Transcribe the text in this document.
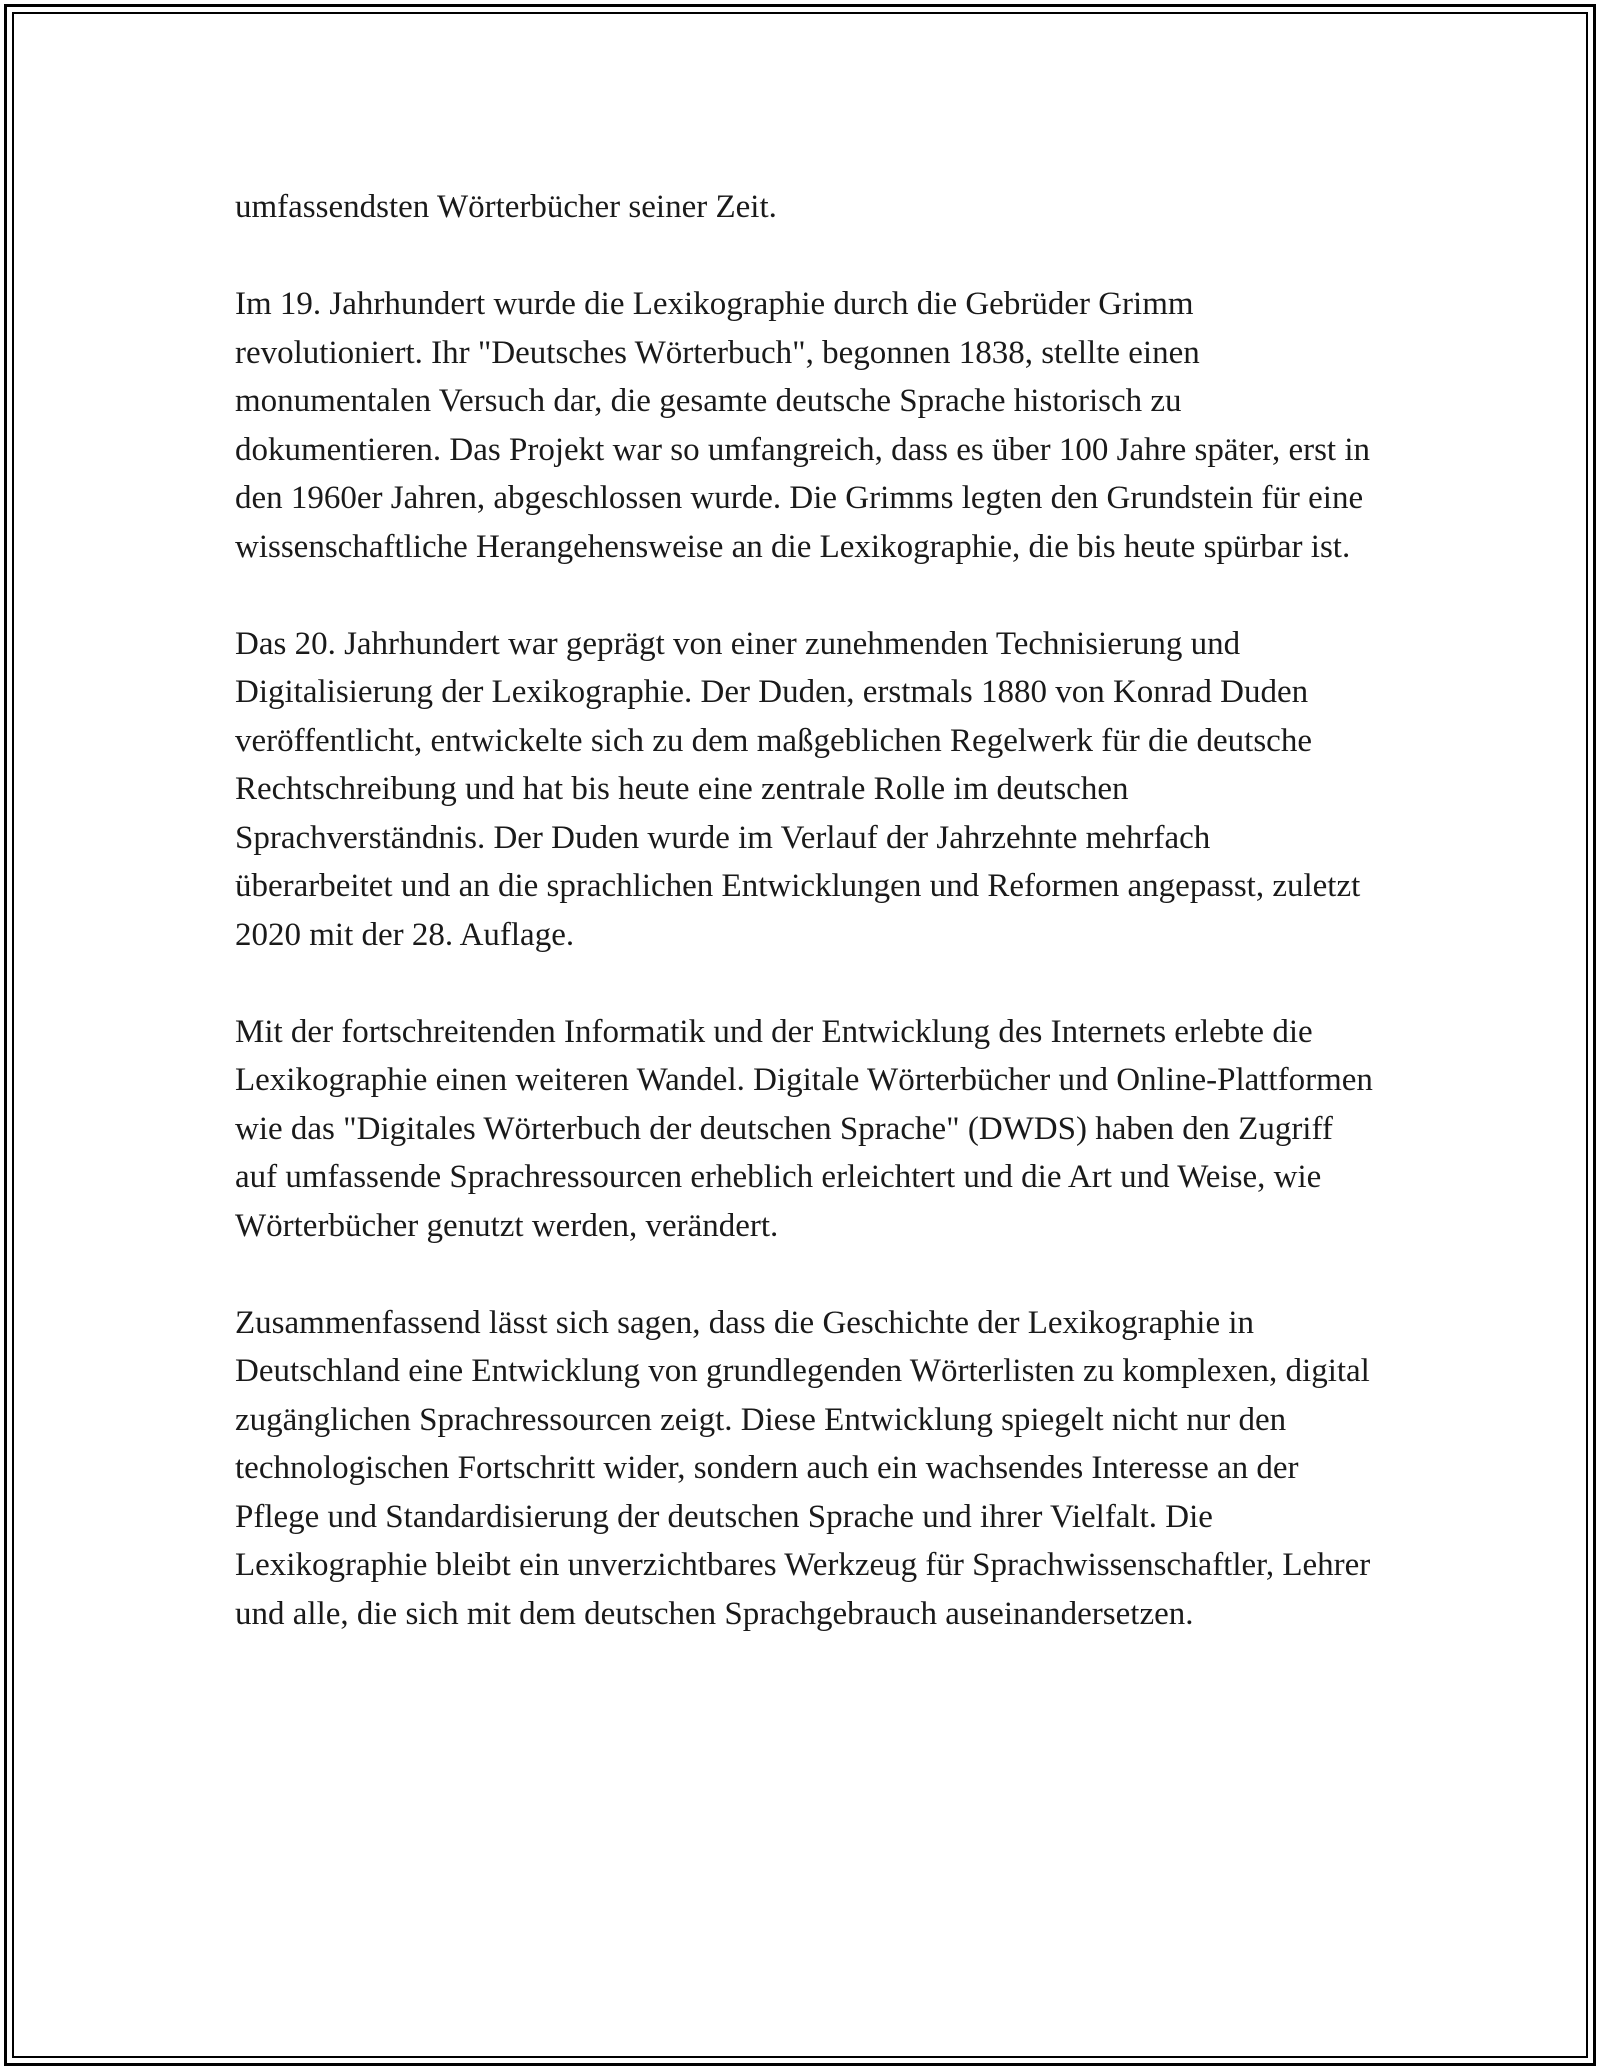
umfassendsten Wörterbücher seiner Zeit.

Im 19. Jahrhundert wurde die Lexikographie durch die Gebrüder Grimm revolutioniert. Ihr "Deutsches Wörterbuch", begonnen 1838, stellte einen monumentalen Versuch dar, die gesamte deutsche Sprache historisch zu dokumentieren. Das Projekt war so umfangreich, dass es über 100 Jahre später, erst in den 1960er Jahren, abgeschlossen wurde. Die Grimms legten den Grundstein für eine wissenschaftliche Herangehensweise an die Lexikographie, die bis heute spürbar ist.

Das 20. Jahrhundert war geprägt von einer zunehmenden Technisierung und Digitalisierung der Lexikographie. Der Duden, erstmals 1880 von Konrad Duden veröffentlicht, entwickelte sich zu dem maßgeblichen Regelwerk für die deutsche Rechtschreibung und hat bis heute eine zentrale Rolle im deutschen Sprachverständnis. Der Duden wurde im Verlauf der Jahrzehnte mehrfach überarbeitet und an die sprachlichen Entwicklungen und Reformen angepasst, zuletzt 2020 mit der 28. Auflage.

Mit der fortschreitenden Informatik und der Entwicklung des Internets erlebte die Lexikographie einen weiteren Wandel. Digitale Wörterbücher und Online-Plattformen wie das "Digitales Wörterbuch der deutschen Sprache" (DWDS) haben den Zugriff auf umfassende Sprachressourcen erheblich erleichtert und die Art und Weise, wie Wörterbücher genutzt werden, verändert.

Zusammenfassend lässt sich sagen, dass die Geschichte der Lexikographie in Deutschland eine Entwicklung von grundlegenden Wörterlisten zu komplexen, digital zugänglichen Sprachressourcen zeigt. Diese Entwicklung spiegelt nicht nur den technologischen Fortschritt wider, sondern auch ein wachsendes Interesse an der Pflege und Standardisierung der deutschen Sprache und ihrer Vielfalt. Die Lexikographie bleibt ein unverzichtbares Werkzeug für Sprachwissenschaftler, Lehrer und alle, die sich mit dem deutschen Sprachgebrauch auseinandersetzen.
